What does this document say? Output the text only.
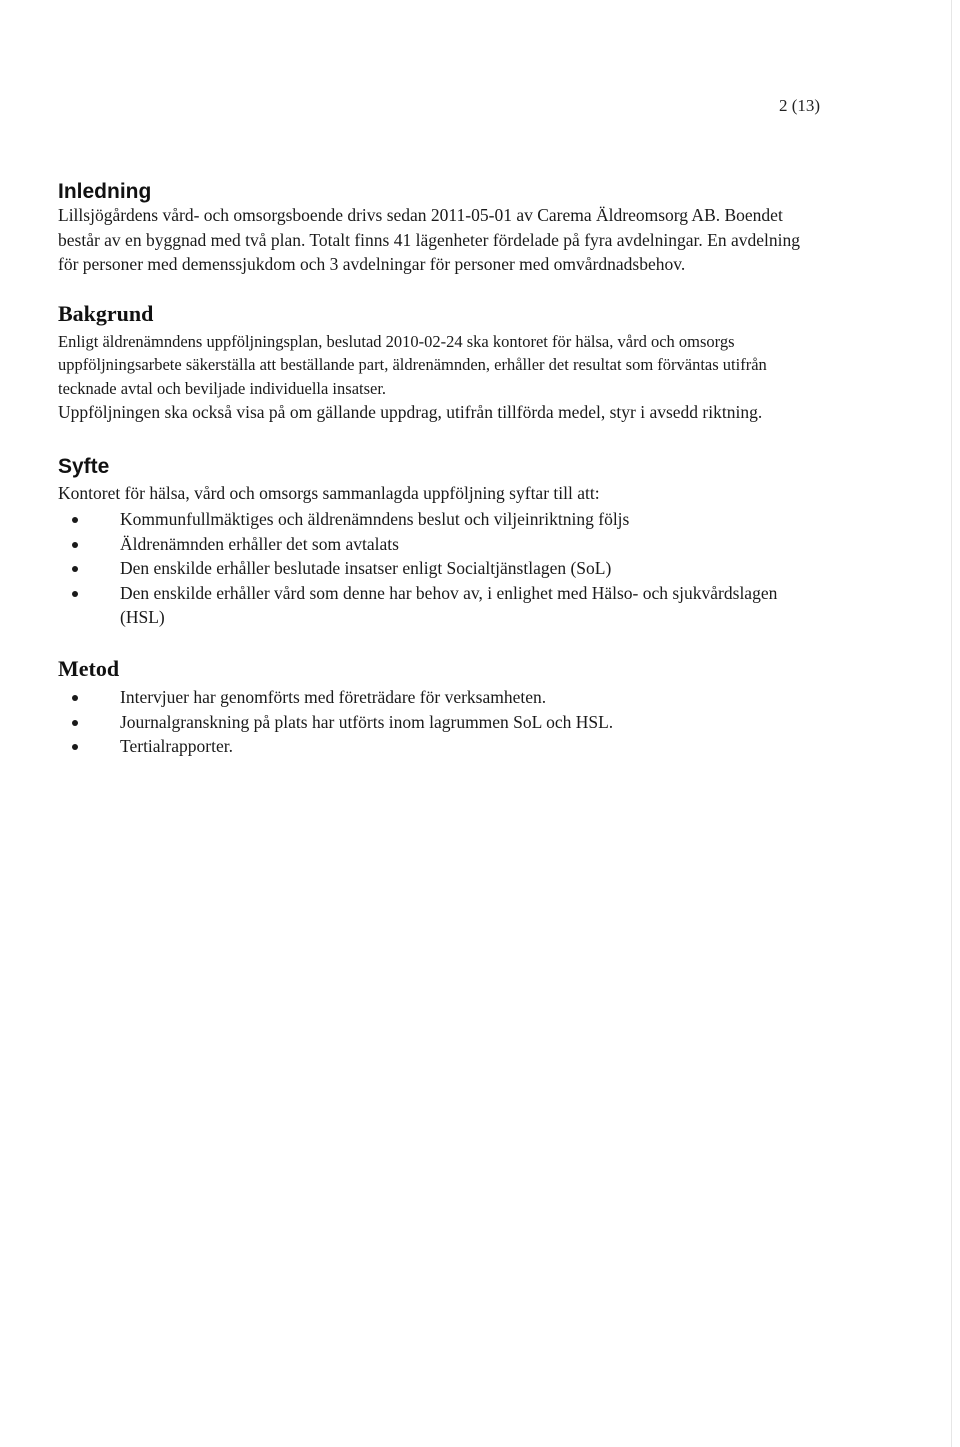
2 (13)
Inledning

Lillsjögårdens vård- och omsorgsboende drivs sedan 2011-05-01 av Carema Äldreomsorg AB. Boendet består av en byggnad med två plan. Totalt finns 41 lägenheter fördelade på fyra avdelningar. En avdelning för personer med demenssjukdom och 3 avdelningar för personer med omvårdnadsbehov.

Bakgrund

Enligt äldrenämndens uppföljningsplan, beslutad 2010-02-24 ska kontoret för hälsa, vård och omsorgs uppföljningsarbete säkerställa att beställande part, äldrenämnden, erhåller det resultat som förväntas utifrån tecknade avtal och beviljade individuella insatser.

Uppföljningen ska också visa på om gällande uppdrag, utifrån tillförda medel, styr i avsedd riktning.

Syfte

Kontoret för hälsa, vård och omsorgs sammanlagda uppföljning syftar till att:

Kommunfullmäktiges och äldrenämndens beslut och viljeinriktning följs
Äldrenämnden erhåller det som avtalats
Den enskilde erhåller beslutade insatser enligt Socialtjänstlagen (SoL)
Den enskilde erhåller vård som denne har behov av, i enlighet med Hälso- och sjukvårdslagen (HSL)
Metod
Intervjuer har genomförts med företrädare för verksamheten.
Journalgranskning på plats har utförts inom lagrummen SoL och HSL.
Tertialrapporter.
